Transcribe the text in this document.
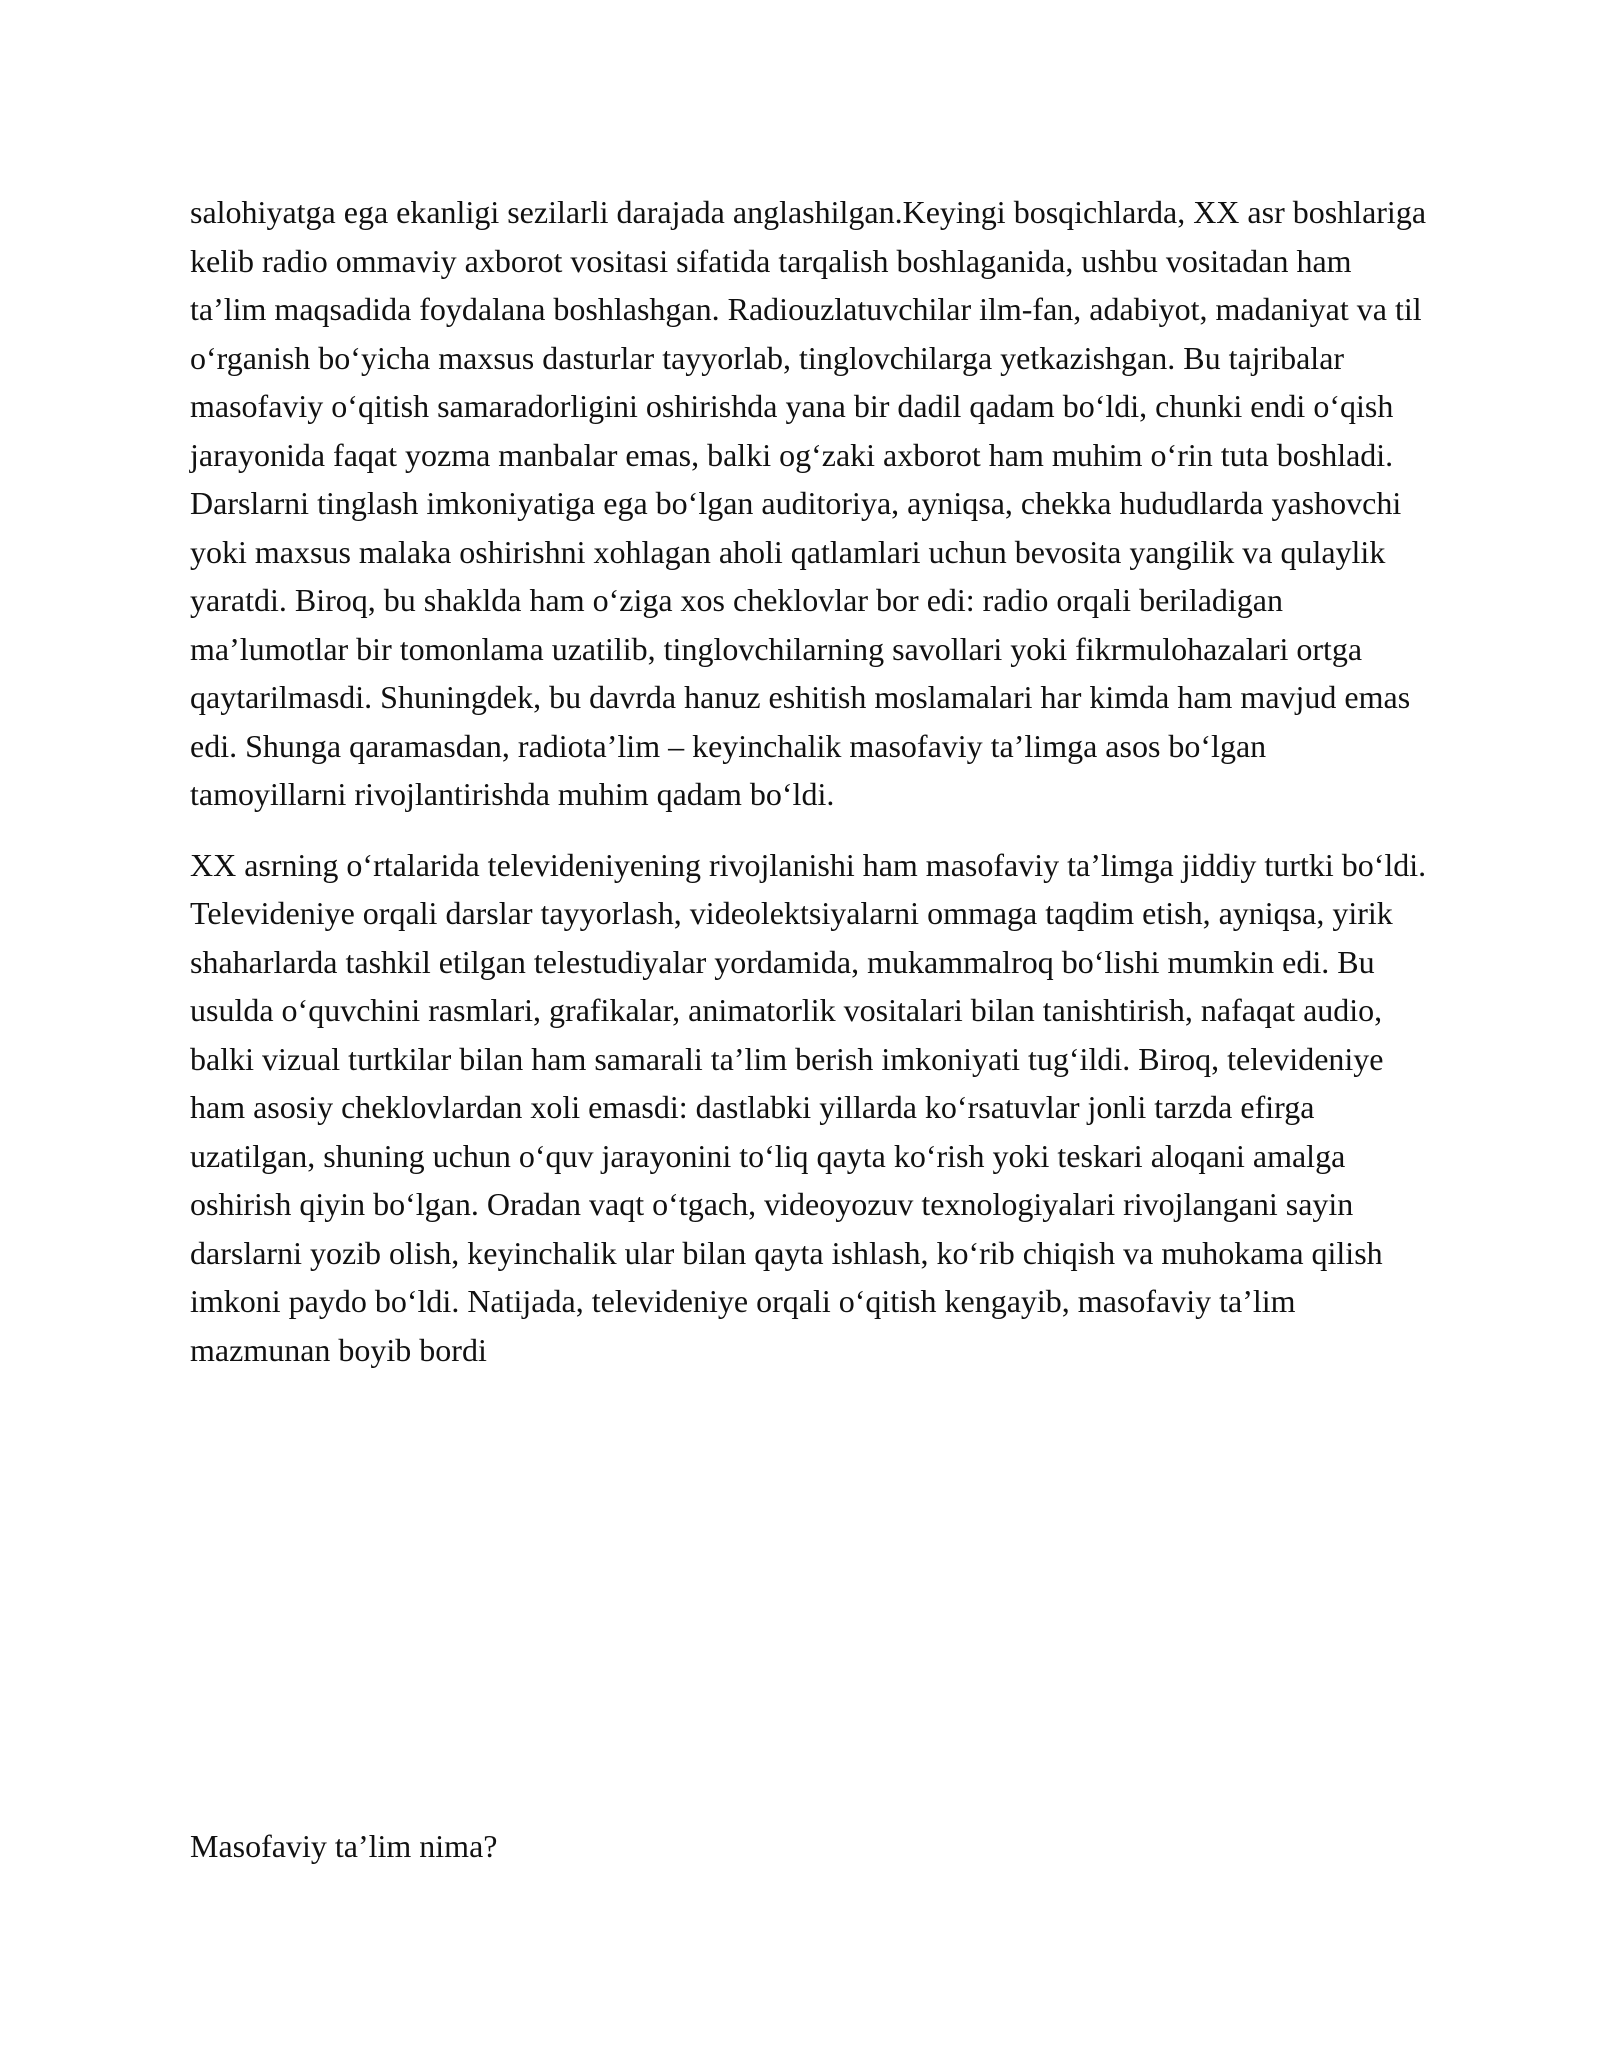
salohiyatga ega ekanligi sezilarli darajada anglashilgan.Keyingi bosqichlarda, XX asr boshlariga kelib radio ommaviy axborot vositasi sifatida tarqalish boshlaganida, ushbu vositadan ham ta’lim maqsadida foydalana boshlashgan. Radiouzlatuvchilar ilm-fan, adabiyot, madaniyat va til o‘rganish bo‘yicha maxsus dasturlar tayyorlab, tinglovchilarga yetkazishgan. Bu tajribalar masofaviy o‘qitish samaradorligini oshirishda yana bir dadil qadam bo‘ldi, chunki endi o‘qish jarayonida faqat yozma manbalar emas, balki og‘zaki axborot ham muhim o‘rin tuta boshladi. Darslarni tinglash imkoniyatiga ega bo‘lgan auditoriya, ayniqsa, chekka hududlarda yashovchi yoki maxsus malaka oshirishni xohlagan aholi qatlamlari uchun bevosita yangilik va qulaylik yaratdi. Biroq, bu shaklda ham o‘ziga xos cheklovlar bor edi: radio orqali beriladigan ma’lumotlar bir tomonlama uzatilib, tinglovchilarning savollari yoki fikrmulohazalari ortga qaytarilmasdi. Shuningdek, bu davrda hanuz eshitish moslamalari har kimda ham mavjud emas edi. Shunga qaramasdan, radiota’lim – keyinchalik masofaviy ta’limga asos bo‘lgan tamoyillarni rivojlantirishda muhim qadam bo‘ldi.

XX asrning o‘rtalarida televideniyening rivojlanishi ham masofaviy ta’limga jiddiy turtki bo‘ldi. Televideniye orqali darslar tayyorlash, videolektsiyalarni ommaga taqdim etish, ayniqsa, yirik shaharlarda tashkil etilgan telestudiyalar yordamida, mukammalroq bo‘lishi mumkin edi. Bu usulda o‘quvchini rasmlari, grafikalar, animatorlik vositalari bilan tanishtirish, nafaqat audio, balki vizual turtkilar bilan ham samarali ta’lim berish imkoniyati tug‘ildi. Biroq, televideniye ham asosiy cheklovlardan xoli emasdi: dastlabki yillarda ko‘rsatuvlar jonli tarzda efirga uzatilgan, shuning uchun o‘quv jarayonini to‘liq qayta ko‘rish yoki teskari aloqani amalga oshirish qiyin bo‘lgan. Oradan vaqt o‘tgach, videoyozuv texnologiyalari rivojlangani sayin darslarni yozib olish, keyinchalik ular bilan qayta ishlash, ko‘rib chiqish va muhokama qilish imkoni paydo bo‘ldi. Natijada, televideniye orqali o‘qitish kengayib, masofaviy ta’lim mazmunan boyib bordi

Masofaviy ta’lim nima?
